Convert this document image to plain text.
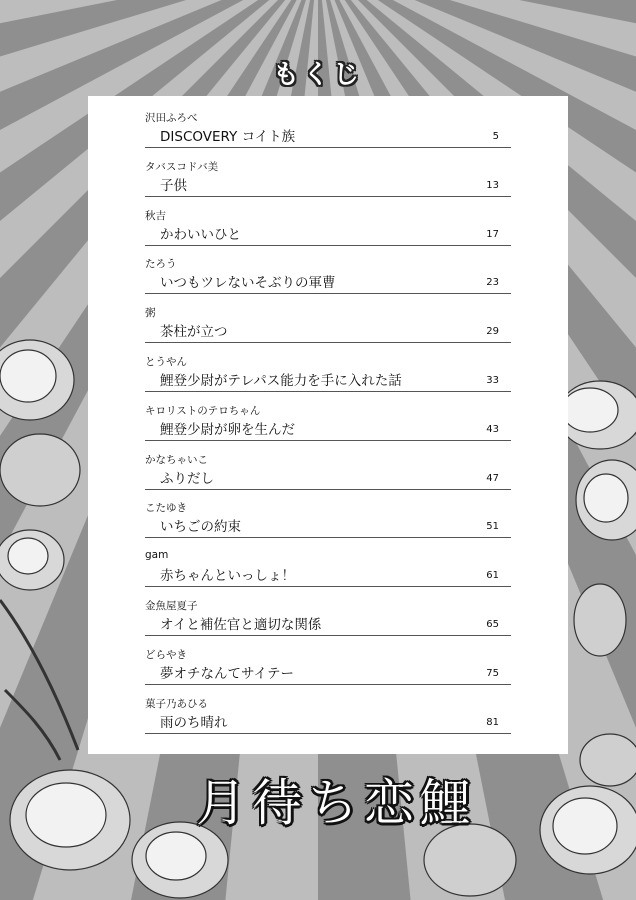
もくじ
沢田ふろべ
DISCOVERY コイト族	5
タバスコドバ美
子供	13
秋吉
かわいいひと	17
たろう
いつもツレないそぶりの軍曹	23
粥
茶柱が立つ	29
とうやん
鯉登少尉がテレパス能力を手に入れた話	33
キロリストのテロちゃん
鯉登少尉が卵を生んだ	43
かなちゃいこ
ふりだし	47
こたゆき
いちごの約束	51
gam
赤ちゃんといっしょ！	61
金魚屋夏子
オイと補佐官と適切な関係	65
どらやき
夢オチなんてサイテー	75
菓子乃あひる
雨のち晴れ	81
月待ち恋鯉
